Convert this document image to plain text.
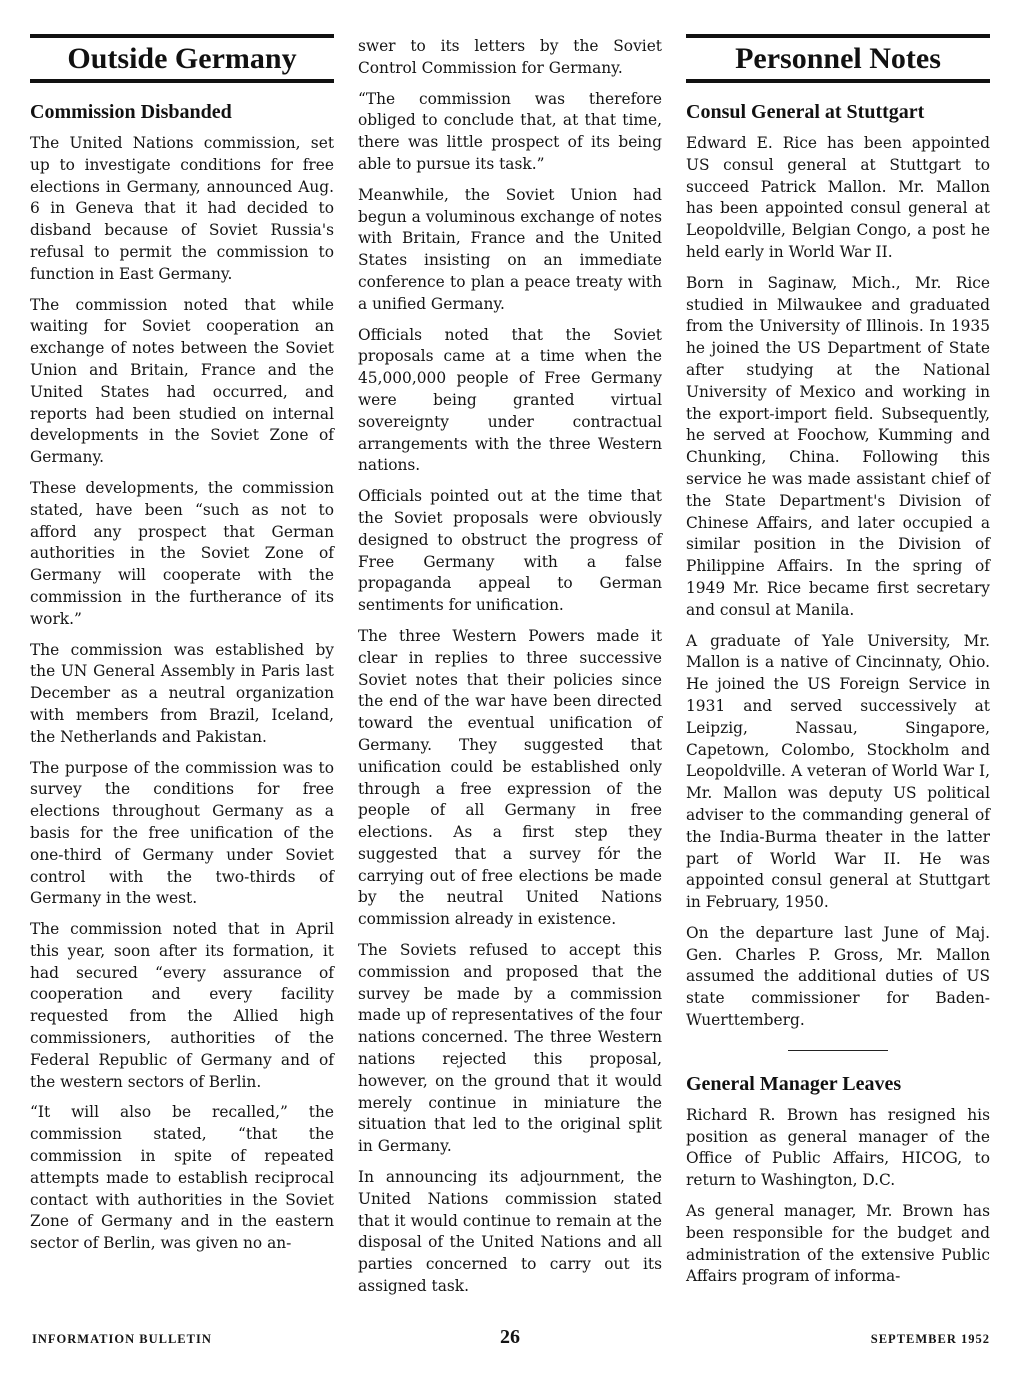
Outside Germany
Commission Disbanded

The United Nations commission, set up to investigate conditions for free elections in Germany, announced Aug. 6 in Geneva that it had decided to disband because of Soviet Russia's refusal to permit the commission to function in East Germany.

The commission noted that while waiting for Soviet cooperation an exchange of notes between the Soviet Union and Britain, France and the United States had occurred, and reports had been studied on internal developments in the Soviet Zone of Germany.

These developments, the commission stated, have been “such as not to afford any prospect that German authorities in the Soviet Zone of Germany will cooperate with the commission in the furtherance of its work.”

The commission was established by the UN General Assembly in Paris last December as a neutral organization with members from Brazil, Iceland, the Netherlands and Pakistan.

The purpose of the commission was to survey the conditions for free elections throughout Germany as a basis for the free unification of the one-third of Germany under Soviet control with the two-thirds of Germany in the west.

The commission noted that in April this year, soon after its formation, it had secured “every assurance of cooperation and every facility requested from the Allied high commissioners, authorities of the Federal Republic of Germany and of the western sectors of Berlin.

“It will also be recalled,” the commission stated, “that the commission in spite of repeated attempts made to establish reciprocal contact with authorities in the Soviet Zone of Germany and in the eastern sector of Berlin, was given no an-

swer to its letters by the Soviet Control Commission for Germany.

“The commission was therefore obliged to conclude that, at that time, there was little prospect of its being able to pursue its task.”

Meanwhile, the Soviet Union had begun a voluminous exchange of notes with Britain, France and the United States insisting on an immediate conference to plan a peace treaty with a unified Germany.

Officials noted that the Soviet proposals came at a time when the 45,000,000 people of Free Germany were being granted virtual sovereignty under contractual arrangements with the three Western nations.

Officials pointed out at the time that the Soviet proposals were obviously designed to obstruct the progress of Free Germany with a false propaganda appeal to German sentiments for unification.

The three Western Powers made it clear in replies to three successive Soviet notes that their policies since the end of the war have been directed toward the eventual unification of Germany. They suggested that unification could be established only through a free expression of the people of all Germany in free elections. As a first step they suggested that a survey fór the carrying out of free elections be made by the neutral United Nations commission already in existence.

The Soviets refused to accept this commission and proposed that the survey be made by a commission made up of representatives of the four nations concerned. The three Western nations rejected this proposal, however, on the ground that it would merely continue in miniature the situation that led to the original split in Germany.

In announcing its adjournment, the United Nations commission stated that it would continue to remain at the disposal of the United Nations and all parties concerned to carry out its assigned task.

Personnel Notes
Consul General at Stuttgart

Edward E. Rice has been appointed US consul general at Stuttgart to succeed Patrick Mallon. Mr. Mallon has been appointed consul general at Leopoldville, Belgian Congo, a post he held early in World War II.

Born in Saginaw, Mich., Mr. Rice studied in Milwaukee and graduated from the University of Illinois. In 1935 he joined the US Department of State after studying at the National University of Mexico and working in the export-import field. Subsequently, he served at Foochow, Kumming and Chunking, China. Following this service he was made assistant chief of the State Department's Division of Chinese Affairs, and later occupied a similar position in the Division of Philippine Affairs. In the spring of 1949 Mr. Rice became first secretary and consul at Manila.

A graduate of Yale University, Mr. Mallon is a native of Cincinnaty, Ohio. He joined the US Foreign Service in 1931 and served successively at Leipzig, Nassau, Singapore, Capetown, Colombo, Stockholm and Leopoldville. A veteran of World War I, Mr. Mallon was deputy US political adviser to the commanding general of the India-Burma theater in the latter part of World War II. He was appointed consul general at Stuttgart in February, 1950.

On the departure last June of Maj. Gen. Charles P. Gross, Mr. Mallon assumed the additional duties of US state commissioner for Baden-Wuerttemberg.

General Manager Leaves

Richard R. Brown has resigned his position as general manager of the Office of Public Affairs, HICOG, to return to Washington, D.C.

As general manager, Mr. Brown has been responsible for the budget and administration of the extensive Public Affairs program of informa-

INFORMATION BULLETIN	26	SEPTEMBER 1952
